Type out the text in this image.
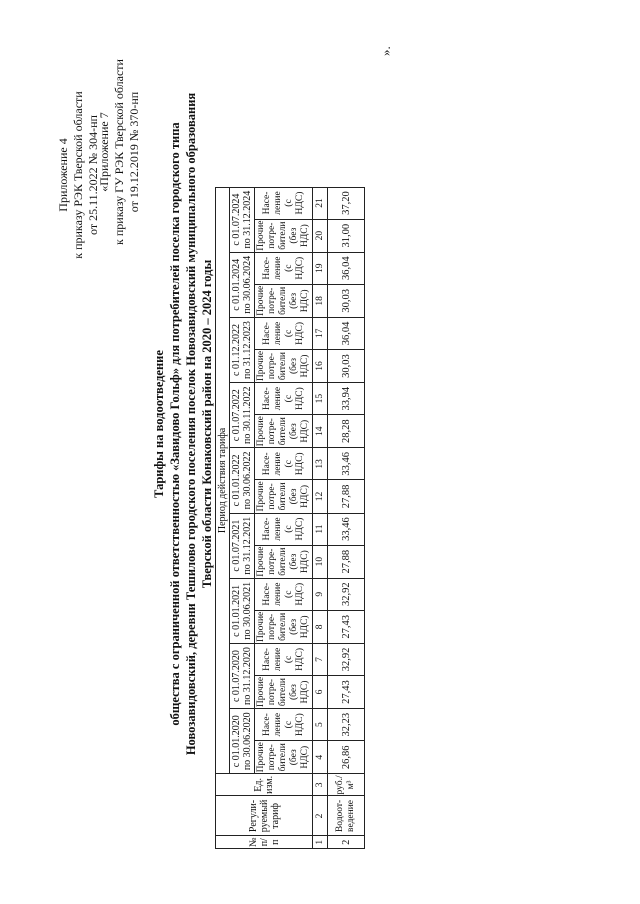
Приложение 4 к приказу РЭК Тверской области от 25.11.2022 № 304-нп
«Приложение 7 к приказу ГУ РЭК Тверской области от 19.12.2019 № 370-нп
Тарифы на водоотведение общества с ограниченной ответственностью «Завидово Гольф» для потребителей поселка городского типа Новозавидовский, деревни Тешилово городского поселения поселок Новозавидовский муниципального образования Тверской области Конаковский район на 2020 – 2024 годы
№
п/
п	Регули-
руемый
тариф	Ед.
изм.	Период действия тарифа																	
			с 01.01.2020
по 30.06.2020		с 01.07.2020
по 31.12.2020		с 01.01.2021
по 30.06.2021		с 01.07.2021
по 31.12.2021		с 01.01.2022
по 30.06.2022		с 01.07.2022
по 30.11.2022		с 01.12.2022
по 31.12.2023		с 01.01.2024
по 30.06.2024		с 01.07.2024
по 31.12.2024	
			Прочие
потре-
бители
(без
НДС)	Насе-
ление
(с
НДС)	Прочие
потре-
бители
(без
НДС)	Насе-
ление
(с
НДС)	Прочие
потре-
бители
(без
НДС)	Насе-
ление
(с
НДС)	Прочие
потре-
бители
(без
НДС)	Насе-
ление
(с
НДС)	Прочие
потре-
бители
(без
НДС)	Насе-
ление
(с
НДС)	Прочие
потре-
бители
(без
НДС)	Насе-
ление
(с
НДС)	Прочие
потре-
бители
(без
НДС)	Насе-
ление
(с
НДС)	Прочие
потре-
бители
(без
НДС)	Насе-
ление
(с
НДС)	Прочие
потре-
бители
(без
НДС)	Насе-
ление
(с
НДС)
1	2	3	4	5	6	7	8	9	10	11	12	13	14	15	16	17	18	19	20	21
2	Водоот-
ведение	руб./
м³	26,86	32,23	27,43	32,92	27,43	32,92	27,88	33,46	27,88	33,46	28,28	33,94	30,03	36,04	30,03	36,04	31,00	37,20
».
